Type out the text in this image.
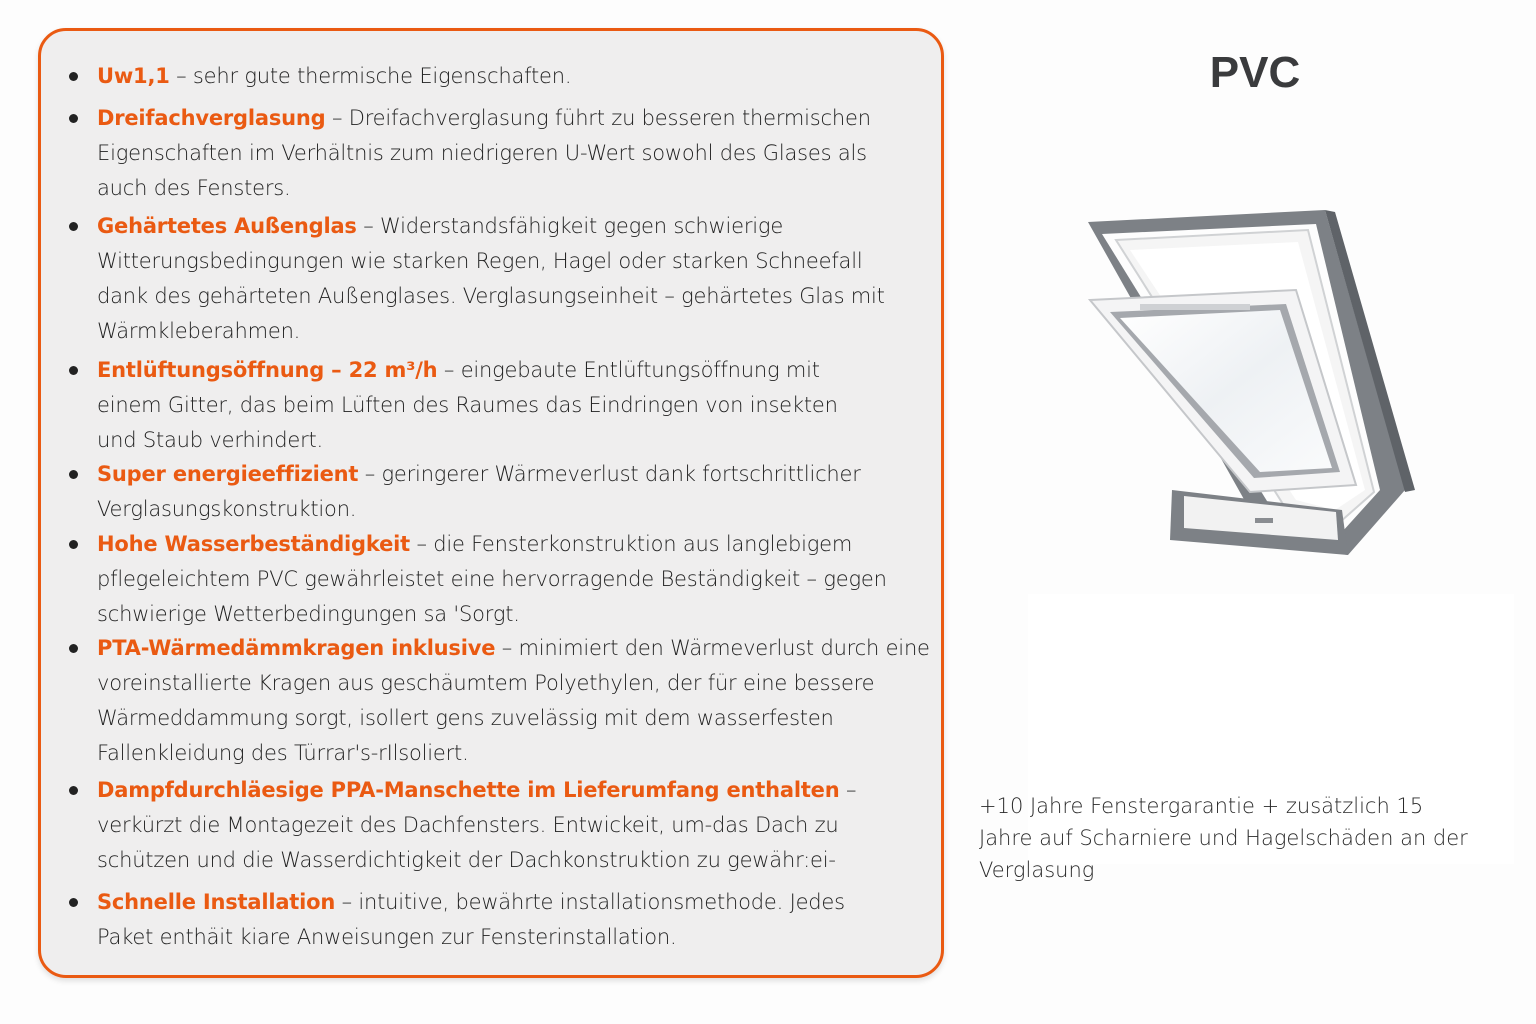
Uw1,1 – sehr gute thermische Eigenschaften.
Dreifachverglasung – Dreifachverglasung führt zu besseren thermischen Eigenschaften im Verhältnis zum niedrigeren U-Wert sowohl des Glases als auch des Fensters.
Gehärtetes Außenglas – Widerstandsfähigkeit gegen schwierige Witterungsbedingungen wie starken Regen, Hagel oder starken Schneefall dank des gehärteten Außenglases. Verglasungseinheit – gehärtetes Glas mit Wärmkleberahmen.
Entlüftungsöffnung – 22 m³/h – eingebaute Entlüftungsöffnung mit einem Gitter, das beim Lüften des Raumes das Eindringen von insekten und Staub verhindert.
Super energieeffizient – geringerer Wärmeverlust dank fortschrittlicher Verglasungskonstruktion.
Hohe Wasserbeständigkeit – die Fensterkonstruktion aus langlebigem pflegeleichtem PVC gewährleistet eine hervorragende Beständigkeit – gegen schwierige Wetterbedingungen sa 'Sorgt.
PTA-Wärmedämmkragen inklusive – minimiert den Wärmeverlust durch eine voreinstallierte Kragen aus geschäumtem Polyethylen, der für eine bessere Wärmeddammung sorgt, isollert gens zuvelässig mit dem wasserfesten Fallenkleidung des Türrar's-rIlsoliert.
Dampfdurchläesige PPA-Manschette im Lieferumfang enthalten – verkürzt die Montagezeit des Dachfensters. Entwickeit, um-das Dach zu schützen und die Wasserdichtigkeit der Dachkonstruktion zu gewähr:ei-
Schnelle Installation – intuitive, bewährte installationsmethode. Jedes Paket enthäit kiare Anweisungen zur Fensterinstallation.
PVC
+10 Jahre Fenstergarantie + zusätzlich 15 Jahre auf Scharniere und Hagelschäden an der Verglasung
